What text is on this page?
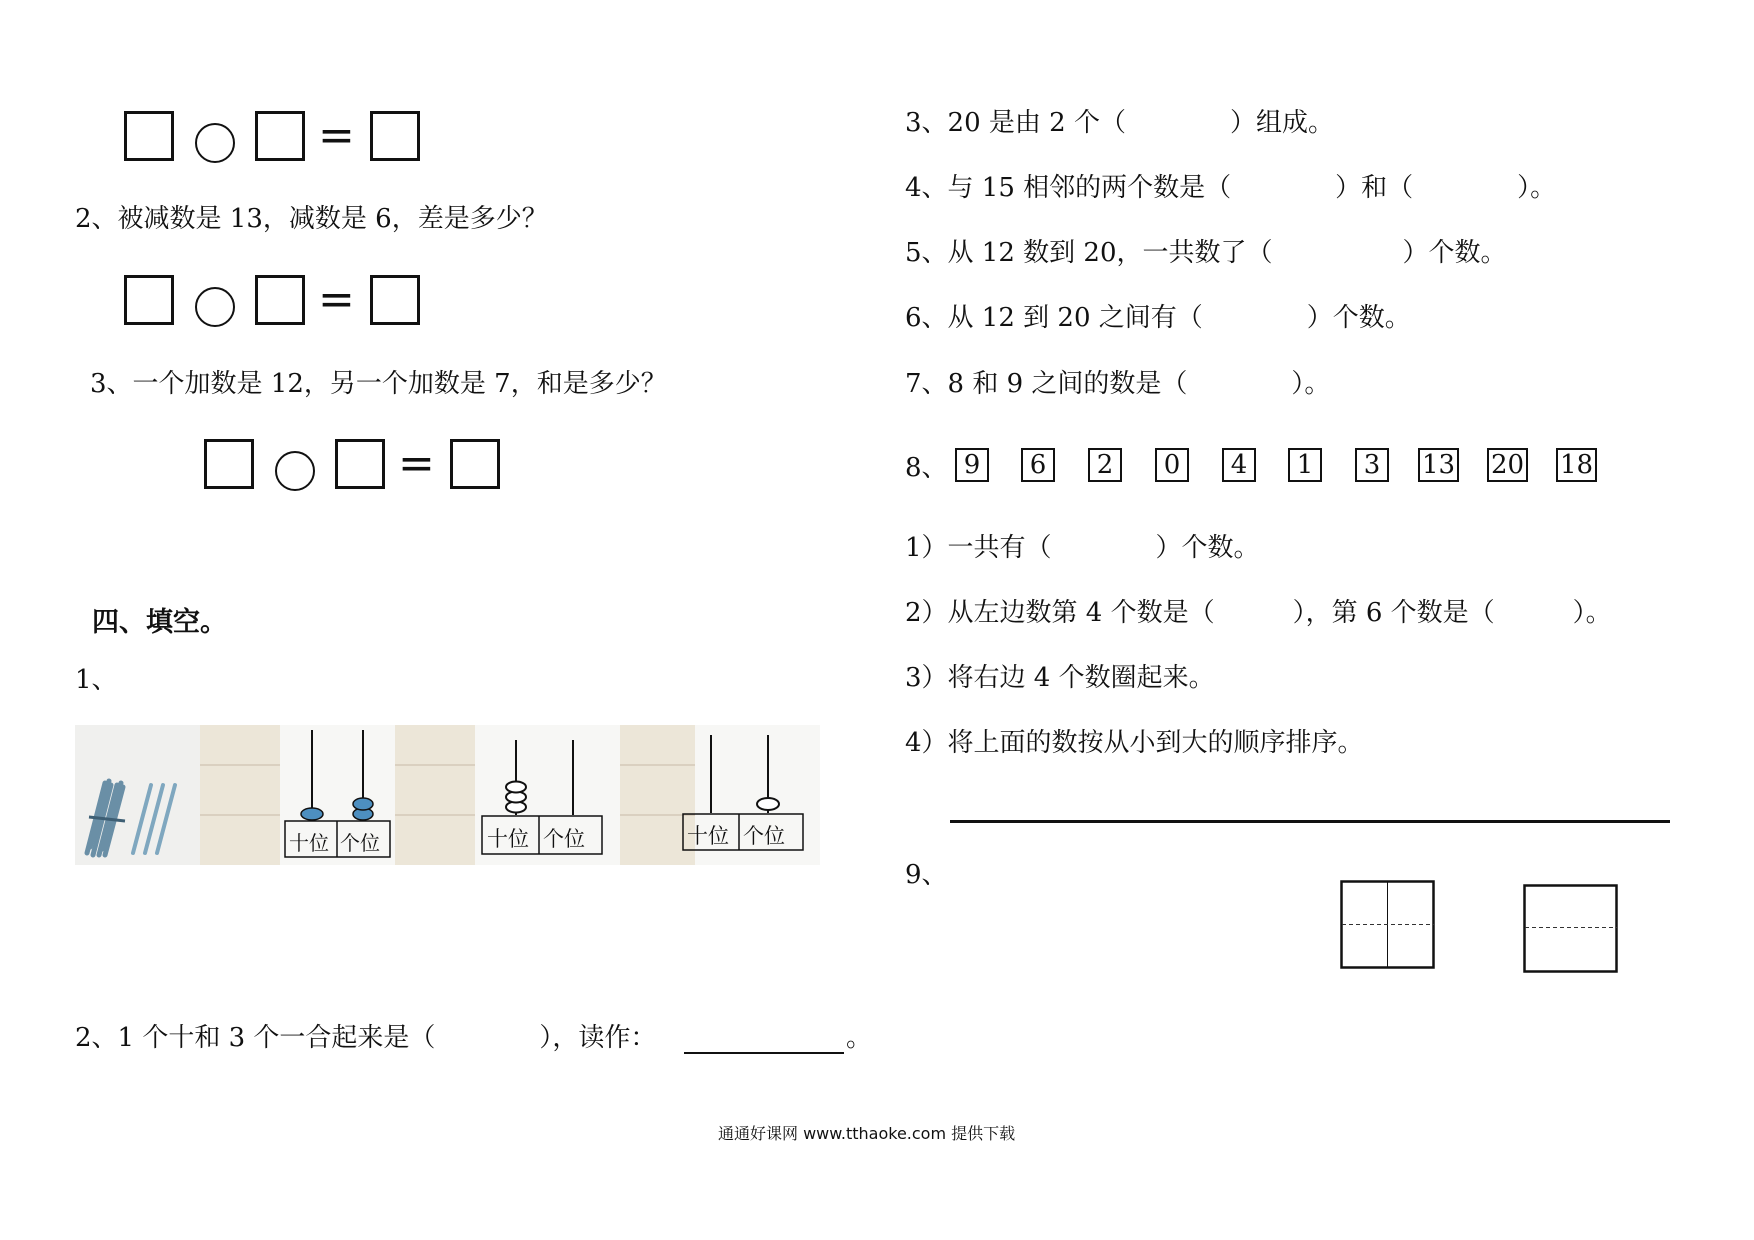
=
2、被减数是 13，减数是 6，差是多少？
=
3、一个加数是 12，另一个加数是 7，和是多少？
=
四、填空。
1、
十位 个位	十位 个位	十位 个位
2、1 个十和 3 个一合起来是（　　　　），读作：	。
3、20 是由 2 个（　　　　）组成。
4、与 15 相邻的两个数是（　　　　）和（　　　　）。
5、从 12 数到 20，一共数了（　　　　　）个数。
6、从 12 到 20 之间有（　　　　）个数。
7、8 和 9 之间的数是（　　　　）。
8、 9	6	2	0	4	1	3	13 20 18
1）一共有（　　　　）个数。
2）从左边数第 4 个数是（　　　），第 6 个数是（　　　）。
3）将右边 4 个数圈起来。
4）将上面的数按从小到大的顺序排序。
9、
通通好课网 www.tthaoke.com 提供下载
